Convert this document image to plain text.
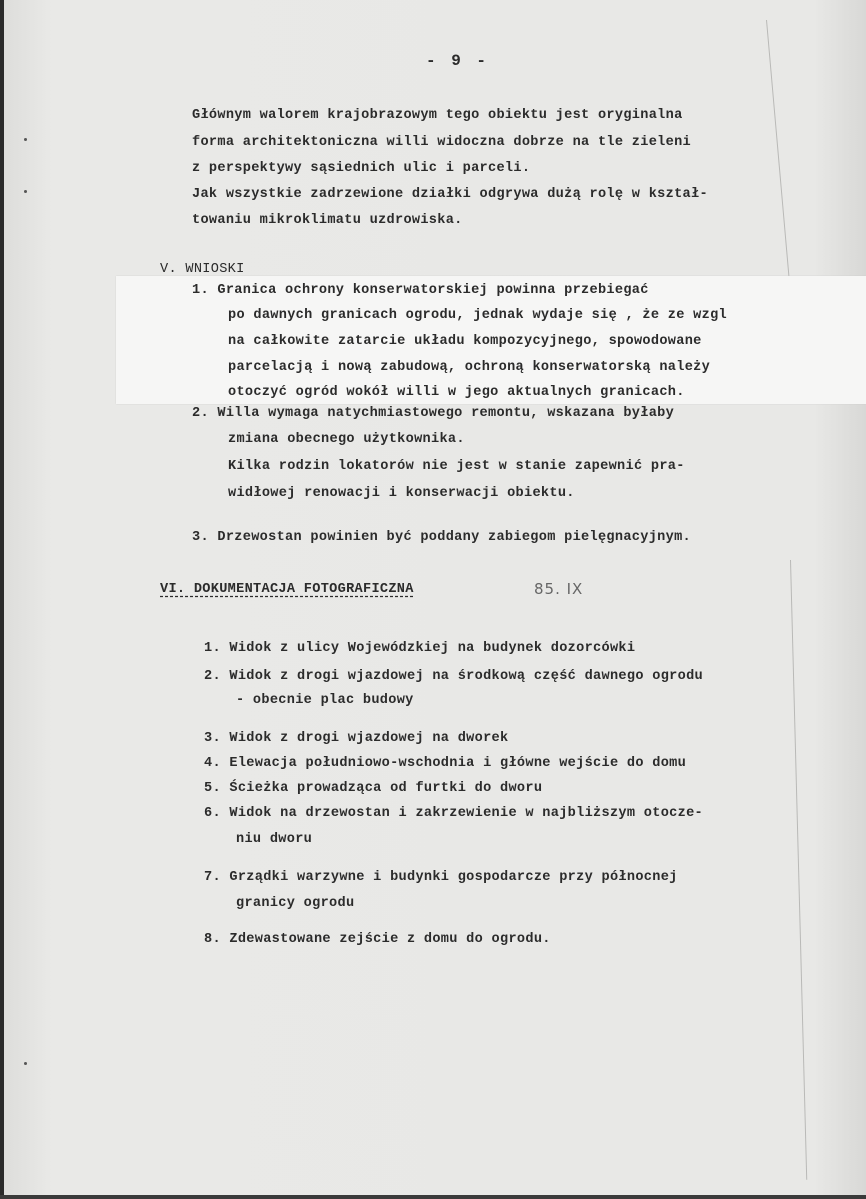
- 9 -
Głównym walorem krajobrazowym tego obiektu jest oryginalna
forma architektoniczna willi widoczna dobrze na tle zieleni
z perspektywy sąsiednich ulic i parceli.
Jak wszystkie zadrzewione działki odgrywa dużą rolę w kształ-
towaniu mikroklimatu uzdrowiska.
V. WNIOSKI
1. Granica ochrony konserwatorskiej powinna przebiegać
po dawnych granicach ogrodu, jednak wydaje się , że ze wzgl
na całkowite zatarcie układu kompozycyjnego, spowodowane
parcelacją i nową zabudową, ochroną konserwatorską należy
otoczyć ogród wokół willi w jego aktualnych granicach.
2. Willa wymaga natychmiastowego remontu, wskazana byłaby
zmiana obecnego użytkownika.
Kilka rodzin lokatorów nie jest w stanie zapewnić pra-
widłowej renowacji i konserwacji obiektu.
3. Drzewostan powinien być poddany zabiegom pielęgnacyjnym.
VI. DOKUMENTACJA FOTOGRAFICZNA	85. IX
1. Widok z ulicy Wojewódzkiej na budynek dozorcówki
2. Widok z drogi wjazdowej na środkową część dawnego ogrodu
- obecnie plac budowy
3. Widok z drogi wjazdowej na dworek
4. Elewacja południowo-wschodnia i główne wejście do domu
5. Ścieżka prowadząca od furtki do dworu
6. Widok na drzewostan i zakrzewienie w najbliższym otocze-
niu dworu
7. Grządki warzywne i budynki gospodarcze przy północnej
granicy ogrodu
8. Zdewastowane zejście z domu do ogrodu.
